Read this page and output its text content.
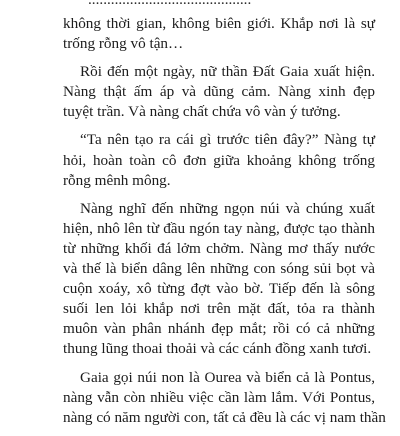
không thời gian, không biên giới. Khắp nơi là sự
trống rỗng vô tận…

Rồi đến một ngày, nữ thần Đất Gaia xuất hiện.
Nàng thật ấm áp và dũng cảm. Nàng xinh đẹp
tuyệt trần. Và nàng chất chứa vô vàn ý tưởng.

“Ta nên tạo ra cái gì trước tiên đây?” Nàng tự
hỏi, hoàn toàn cô đơn giữa khoảng không trống
rỗng mênh mông.

Nàng nghĩ đến những ngọn núi và chúng xuất
hiện, nhô lên từ đầu ngón tay nàng, được tạo thành
từ những khối đá lởm chởm. Nàng mơ thấy nước
và thế là biển dâng lên những con sóng sủi bọt và
cuộn xoáy, xô từng đợt vào bờ. Tiếp đến là sông
suối len lỏi khắp nơi trên mặt đất, tỏa ra thành
muôn vàn phân nhánh đẹp mắt; rồi có cả những
thung lũng thoai thoải và các cánh đồng xanh tươi.

Gaia gọi núi non là Ourea và biển cả là Pontus,
nàng vẫn còn nhiều việc cần làm lắm. Với Pontus,
nàng có năm người con, tất cả đều là các vị nam thần
